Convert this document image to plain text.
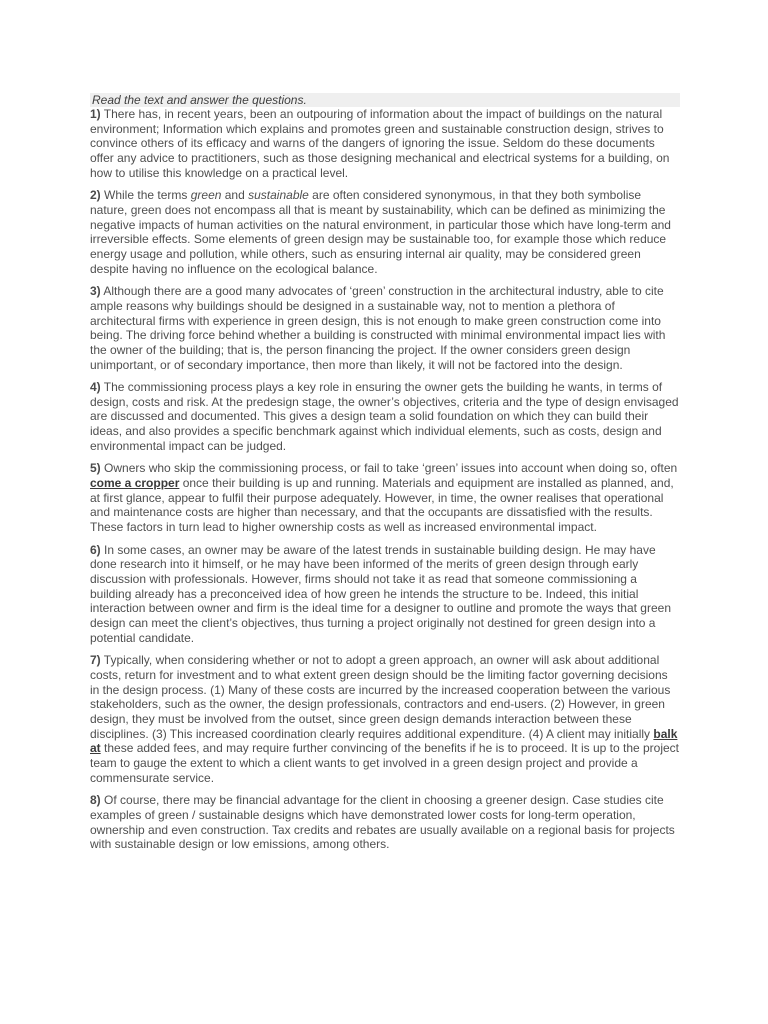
Read the text and answer the questions.

1) There has, in recent years, been an outpouring of information about the impact of buildings on the natural environment; Information which explains and promotes green and sustainable construction design, strives to convince others of its efficacy and warns of the dangers of ignoring the issue. Seldom do these documents offer any advice to practitioners, such as those designing mechanical and electrical systems for a building, on how to utilise this knowledge on a practical level.

2) While the terms green and sustainable are often considered synonymous, in that they both symbolise nature, green does not encompass all that is meant by sustainability, which can be defined as minimizing the negative impacts of human activities on the natural environment, in particular those which have long-term and irreversible effects. Some elements of green design may be sustainable too, for example those which reduce energy usage and pollution, while others, such as ensuring internal air quality, may be considered green despite having no influence on the ecological balance.

3) Although there are a good many advocates of ‘green’ construction in the architectural industry, able to cite ample reasons why buildings should be designed in a sustainable way, not to mention a plethora of architectural firms with experience in green design, this is not enough to make green construction come into being. The driving force behind whether a building is constructed with minimal environmental impact lies with the owner of the building; that is, the person financing the project. If the owner considers green design unimportant, or of secondary importance, then more than likely, it will not be factored into the design.

4) The commissioning process plays a key role in ensuring the owner gets the building he wants, in terms of design, costs and risk. At the predesign stage, the owner’s objectives, criteria and the type of design envisaged are discussed and documented. This gives a design team a solid foundation on which they can build their ideas, and also provides a specific benchmark against which individual elements, such as costs, design and environmental impact can be judged.

5) Owners who skip the commissioning process, or fail to take ‘green’ issues into account when doing so, often come a cropper once their building is up and running. Materials and equipment are installed as planned, and, at first glance, appear to fulfil their purpose adequately. However, in time, the owner realises that operational and maintenance costs are higher than necessary, and that the occupants are dissatisfied with the results. These factors in turn lead to higher ownership costs as well as increased environmental impact.

6) In some cases, an owner may be aware of the latest trends in sustainable building design. He may have done research into it himself, or he may have been informed of the merits of green design through early discussion with professionals. However, firms should not take it as read that someone commissioning a building already has a preconceived idea of how green he intends the structure to be. Indeed, this initial interaction between owner and firm is the ideal time for a designer to outline and promote the ways that green design can meet the client’s objectives, thus turning a project originally not destined for green design into a potential candidate.

7) Typically, when considering whether or not to adopt a green approach, an owner will ask about additional costs, return for investment and to what extent green design should be the limiting factor governing decisions in the design process. (1) Many of these costs are incurred by the increased cooperation between the various stakeholders, such as the owner, the design professionals, contractors and end-users. (2) However, in green design, they must be involved from the outset, since green design demands interaction between these disciplines. (3) This increased coordination clearly requires additional expenditure. (4) A client may initially balk at these added fees, and may require further convincing of the benefits if he is to proceed. It is up to the project team to gauge the extent to which a client wants to get involved in a green design project and provide a commensurate service.

8) Of course, there may be financial advantage for the client in choosing a greener design. Case studies cite examples of green / sustainable designs which have demonstrated lower costs for long-term operation, ownership and even construction. Tax credits and rebates are usually available on a regional basis for projects with sustainable design or low emissions, among others.
